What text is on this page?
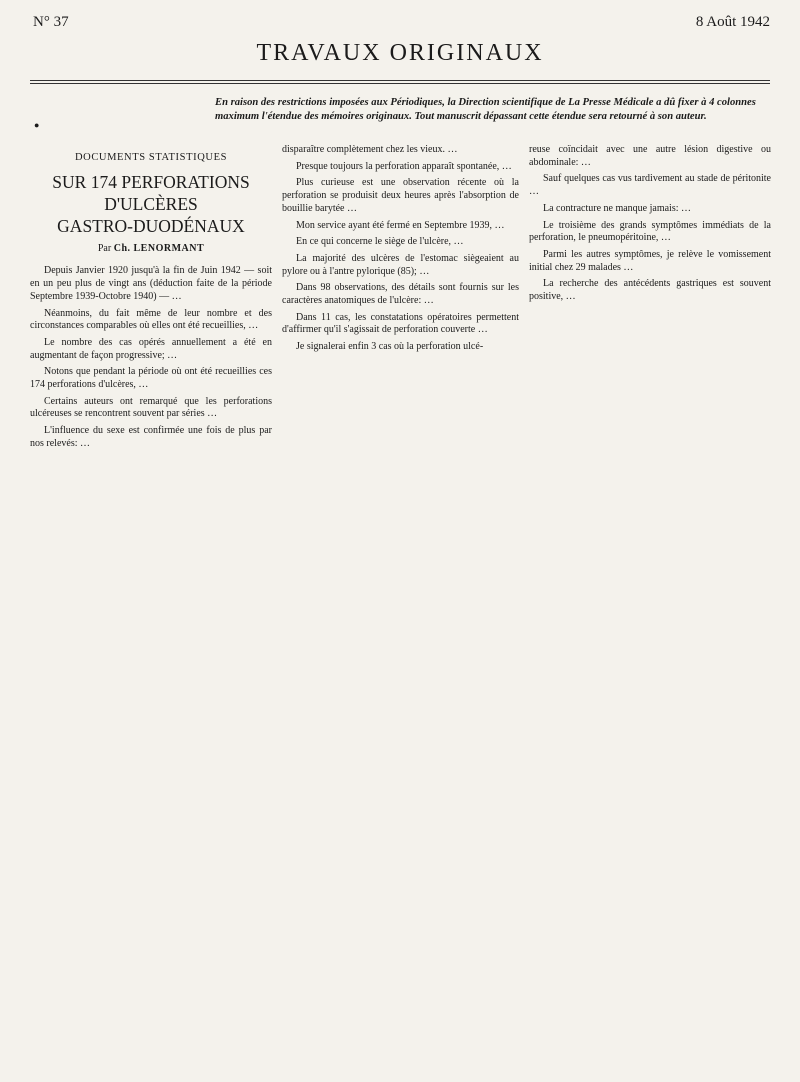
N° 37	8 Août 1942
TRAVAUX ORIGINAUX
En raison des restrictions imposées aux Périodiques, la Direction scientifique de La Presse Médicale a dû fixer à 4 colonnes maximum l'étendue des mémoires originaux. Tout manuscrit dépassant cette étendue sera retourné à son auteur.
●
DOCUMENTS STATISTIQUES
SUR 174 PERFORATIONS
D'ULCÈRES
GASTRO-DUODÉNAUX
Par Ch. LENORMANT

Depuis Janvier 1920 jusqu'à la fin de Juin 1942 — soit en un peu plus de vingt ans (déduction faite de la période Septembre 1939-Octobre 1940) — …

Néanmoins, du fait même de leur nombre et des circonstances comparables où elles ont été recueillies, …

Le nombre des cas opérés annuellement a été en augmentant de façon progressive; …

Notons que pendant la période où ont été recueillies ces 174 perforations d'ulcères, …

Certains auteurs ont remarqué que les perforations ulcéreuses se rencontrent souvent par séries …

L'influence du sexe est confirmée une fois de plus par nos relevés: …

disparaître complètement chez les vieux. …

Presque toujours la perforation apparaît spontanée, …

Plus curieuse est une observation récente où la perforation se produisit deux heures après l'absorption de bouillie barytée …

Mon service ayant été fermé en Septembre 1939, …

En ce qui concerne le siège de l'ulcère, …

La majorité des ulcères de l'estomac siègeaient au pylore ou à l'antre pylorique (85); …

Dans 98 observations, des détails sont fournis sur les caractères anatomiques de l'ulcère: …

Dans 11 cas, les constatations opératoires permettent d'affirmer qu'il s'agissait de perforation couverte …

Je signalerai enfin 3 cas où la perforation ulcé-

reuse coïncidait avec une autre lésion digestive ou abdominale: …

Sauf quelques cas vus tardivement au stade de péritonite …

La contracture ne manque jamais: …

Le troisième des grands symptômes immédiats de la perforation, le pneumopéritoine, …

Parmi les autres symptômes, je relève le vomissement initial chez 29 malades …

La recherche des antécédents gastriques est souvent positive, …
